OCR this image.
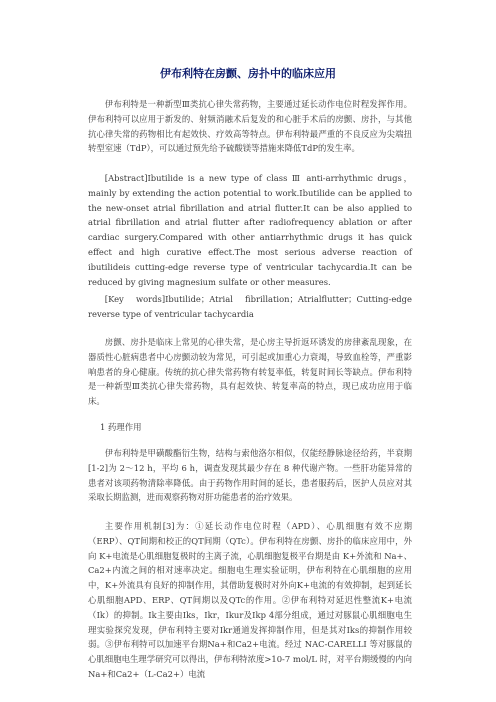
伊布利特在房颤、房扑中的临床应用

伊布利特是一种新型Ⅲ类抗心律失常药物，主要通过延长动作电位时程发挥作用。伊布利特可以应用于新发的、射频消融术后复发的和心脏手术后的房颤、房扑，与其他抗心律失常的药物相比有起效快、疗效高等特点。伊布利特最严重的不良反应为尖端扭转型室速（TdP），可以通过预先给予硫酸镁等措施来降低TdP的发生率。

[Abstract]Ibutilide is a new type of class Ⅲ anti-arrhythmic drugs，mainly by extending the action potential to work.Ibutilide can be applied to the new-onset atrial fibrillation and atrial flutter.It can be also applied to atrial fibrillation and atrial flutter after radiofrequency ablation or after cardiac surgery.Compared with other antiarrhythmic drugs it has quick effect and high curative effect.The most serious adverse reaction of ibutilideis cutting-edge reverse type of ventricular tachycardia.It can be reduced by giving magnesium sulfate or other measures.

[Key words]Ibutilide；Atrial fibrillation；Atrialflutter；Cutting-edge reverse type of ventricular tachycardia

房颤、房扑是临床上常见的心律失常，是心房主导折返环诱发的房律紊乱现象，在器质性心脏病患者中心房颤动较为常见，可引起或加重心力衰竭，导致血栓等，严重影响患者的身心健康。传统的抗心律失常药物有转复率低，转复时间长等缺点。伊布利特是一种新型Ⅲ类抗心律失常药物，具有起效快、转复率高的特点，现已成功应用于临床。

1 药理作用

伊布利特是甲磺酸酯衍生物，结构与索他洛尔相似，仅能经静脉途径给药，半衰期[1-2]为 2～12 h，平均 6 h，调查发现其最少存在 8 种代谢产物。一些肝功能异常的患者对该项药物清除率降低。由于药物作用时间的延长，患者服药后，医护人员应对其采取长期监测，进而观察药物对肝功能患者的治疗效果。

主要作用机制[3]为：①延长动作电位时程（APD）、心肌细胞有效不应期（ERP）、QT间期和校正的QT间期（QTc）。伊布利特在房颤、房扑的临床应用中，外向 K+电流是心肌细胞复极时的主离子流，心肌细胞复极平台期是由 K+外流和 Na+、Ca2+内流之间的相对速率决定。细胞电生理实验证明，伊布利特在心肌细胞的应用中，K+外流具有良好的抑制作用，其借助复极时对外向K+电流的有效抑制，起到延长心肌细胞APD、ERP、QT间期以及QTc的作用。②伊布利特对延迟性整流K+电流（Ik）的抑制。Ik主要由Iks，Ikr，Ikur及Ikp 4部分组成，通过对豚鼠心肌细胞电生理实验探究发现，伊布利特主要对Ikr通道发挥抑制作用，但是其对Iks的抑制作用较弱。③伊布利特可以加速平台期Na+和Ca2+电流。经过 NAC-CARELLI 等对豚鼠的心肌细胞电生理学研究可以得出，伊布利特浓度>10-7 mol/L 时，对平台期缓慢的内向Na+和Ca2+（L-Ca2+）电流
